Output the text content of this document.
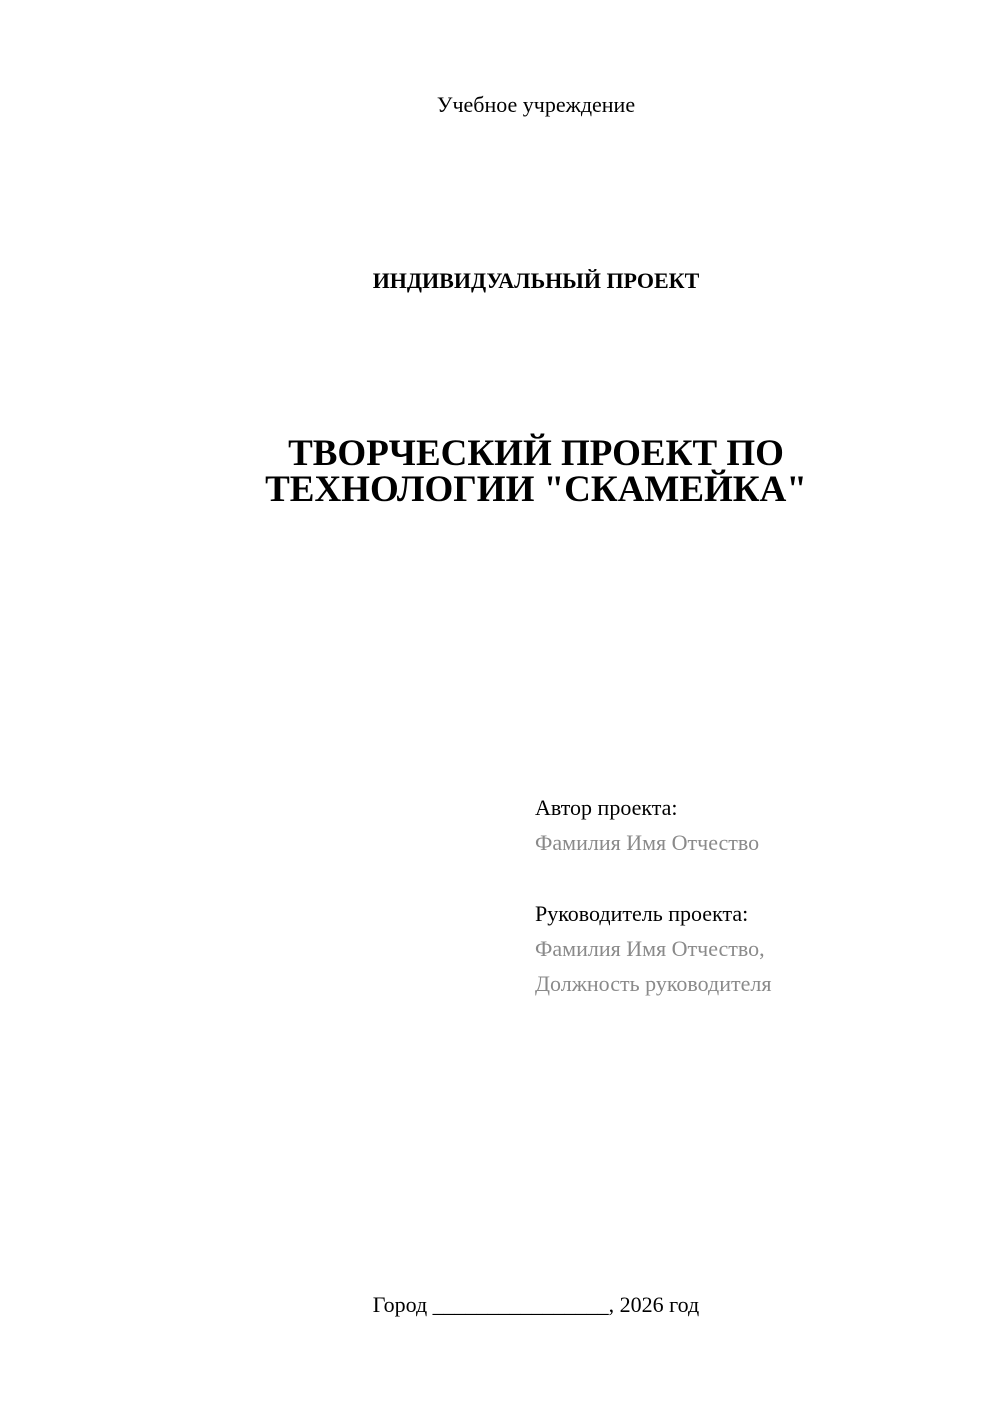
Учебное учреждение
ИНДИВИДУАЛЬНЫЙ ПРОЕКТ
ТВОРЧЕСКИЙ ПРОЕКТ ПО
ТЕХНОЛОГИИ "СКАМЕЙКА"
Автор проекта:
Фамилия Имя Отчество
Руководитель проекта:
Фамилия Имя Отчество,
Должность руководителя
Город ________________, 2026 год
